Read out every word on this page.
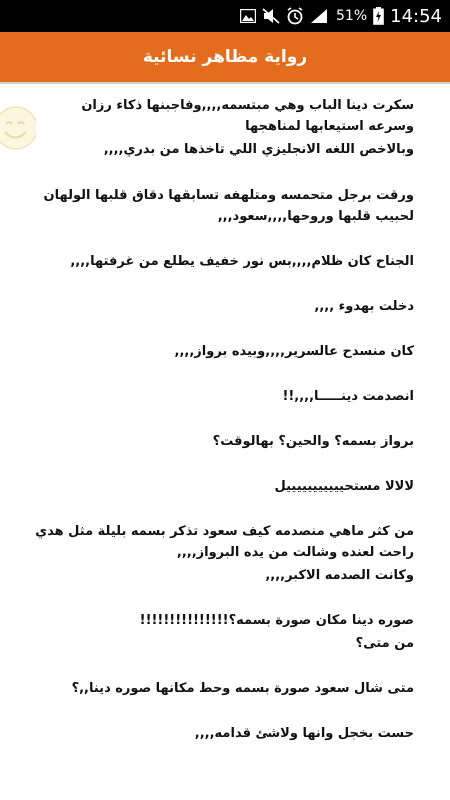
51% 14:54
رواية مظاهر نسائية

سكرت دينا الباب وهي مبتسمه,,,,وفاجبنها ذكاء رزان وسرعه استيعابها لمناهجها

وبالاخص اللغه الانجليزي اللي تاخذها من بدري,,,,

ورقت برجل متحمسه ومتلهفه تسابقها دقاق قلبها الولهان لحبيب قلبها وروحها,,,,سعود,,,

الجناح كان ظلام,,,,بس نور خفيف يطلع من غرفتها,,,,

دخلت بهدوء ,,,,

كان منسدح عالسرير,,,,وبيده برواز,,,,

انصدمت دينـــــا,,,,!!

برواز بسمه؟ والحين؟ بهالوقت؟

لالالا مستحيييييييييييل

من كثر ماهي منصدمه كيف سعود تذكر بسمه بليلة مثل هدي راحت لعنده وشالت من يده البرواز,,,,

وكانت الصدمه الاكبر,,,,

صوره دينا مكان صورة بسمه؟!!!!!!!!!!!!!!!

من متى؟

متى شال سعود صورة بسمه وحط مكانها صوره دينا,,؟

حست بخجل وانها ولاشئ قدامه,,,,
